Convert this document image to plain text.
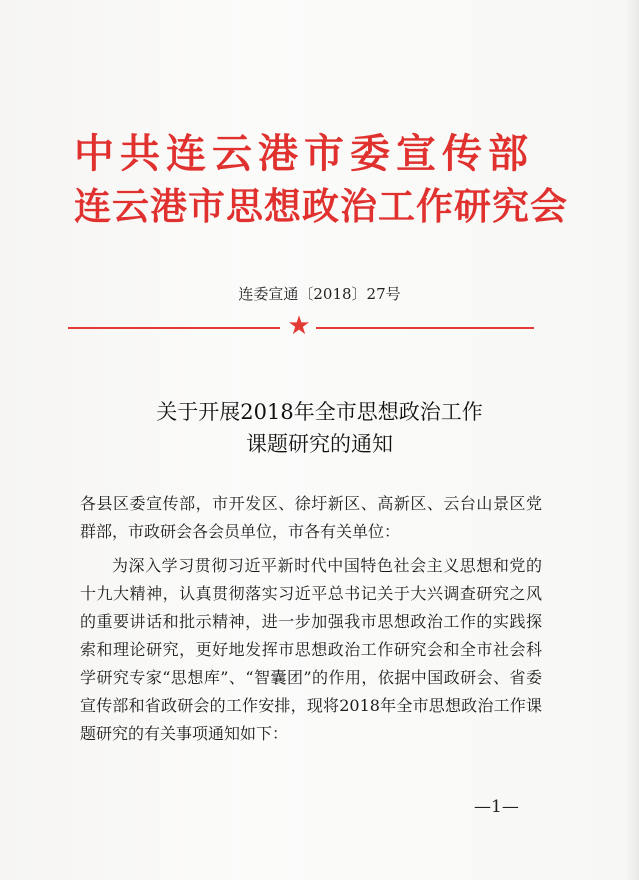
中共连云港市委宣传部
连云港市思想政治工作研究会
连委宣通〔2018〕27号
★
关于开展2018年全市思想政治工作
课题研究的通知
各县区委宣传部，市开发区、徐圩新区、高新区、云台山景区党群部，市政研会各会员单位，市各有关单位：
为深入学习贯彻习近平新时代中国特色社会主义思想和党的十九大精神，认真贯彻落实习近平总书记关于大兴调查研究之风的重要讲话和批示精神，进一步加强我市思想政治工作的实践探索和理论研究，更好地发挥市思想政治工作研究会和全市社会科学研究专家“思想库”、“智囊团”的作用，依据中国政研会、省委宣传部和省政研会的工作安排，现将2018年全市思想政治工作课题研究的有关事项通知如下：
—1—
